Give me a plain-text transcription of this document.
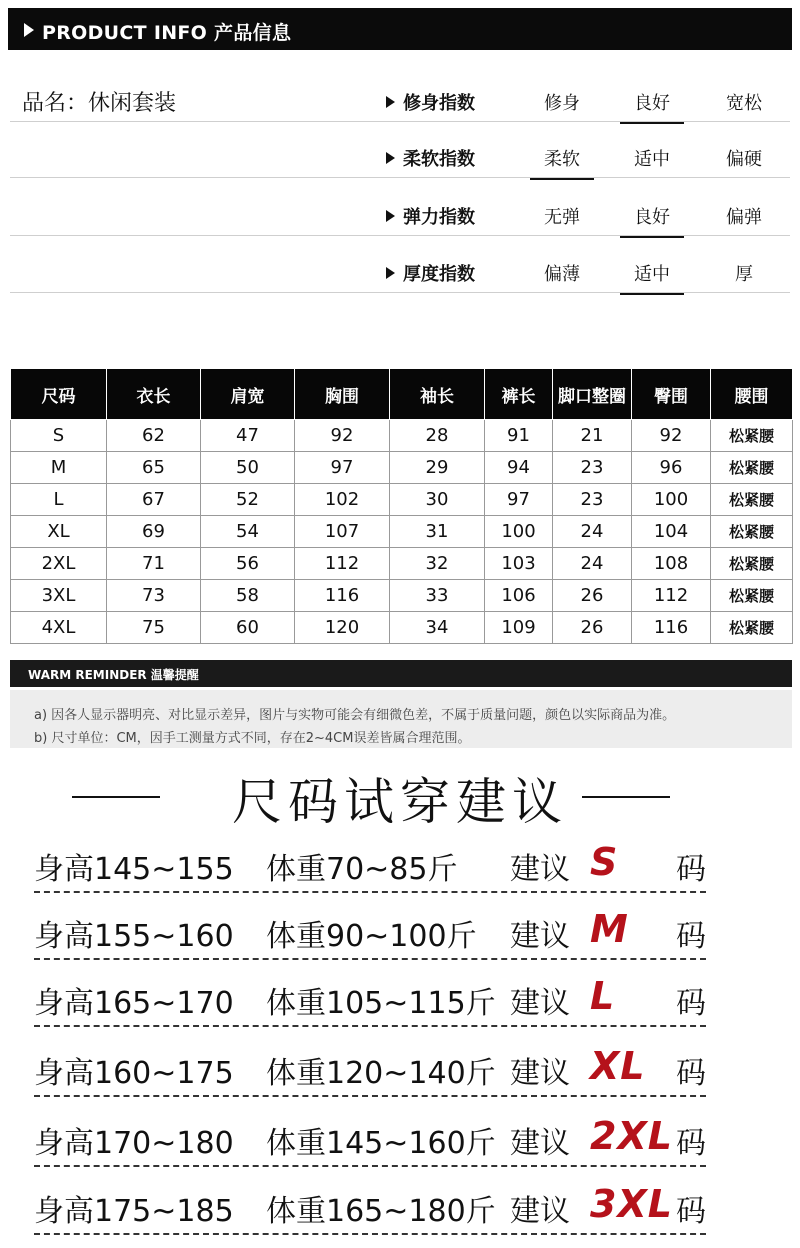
PRODUCT INFO 产品信息
品名：休闲套装	修身指数	修身	良好	宽松
柔软指数	柔软	适中	偏硬
弹力指数	无弹	良好	偏弹
厚度指数	偏薄	适中	厚
尺码	衣长	肩宽	胸围	袖长	裤长	脚口整圈	臀围	腰围
S	62	47	92	28	91	21	92	松紧腰
M	65	50	97	29	94	23	96	松紧腰
L	67	52	102	30	97	23	100	松紧腰
XL	69	54	107	31	100	24	104	松紧腰
2XL	71	56	112	32	103	24	108	松紧腰
3XL	73	58	116	33	106	26	112	松紧腰
4XL	75	60	120	34	109	26	116	松紧腰
WARM REMINDER 温馨提醒
a) 因各人显示器明亮、对比显示差异，图片与实物可能会有细微色差，不属于质量问题，颜色以实际商品为准。
b) 尺寸单位：CM，因手工测量方式不同，存在2~4CM误差皆属合理范围。
尺码试穿建议
身高145~155 体重70~85斤 建议 S 码
身高155~160 体重90~100斤 建议 M 码
身高165~170 体重105~115斤 建议 L 码
身高160~175 体重120~140斤 建议 XL 码
身高170~180 体重145~160斤 建议 2XL 码
身高175~185 体重165~180斤 建议 3XL 码
